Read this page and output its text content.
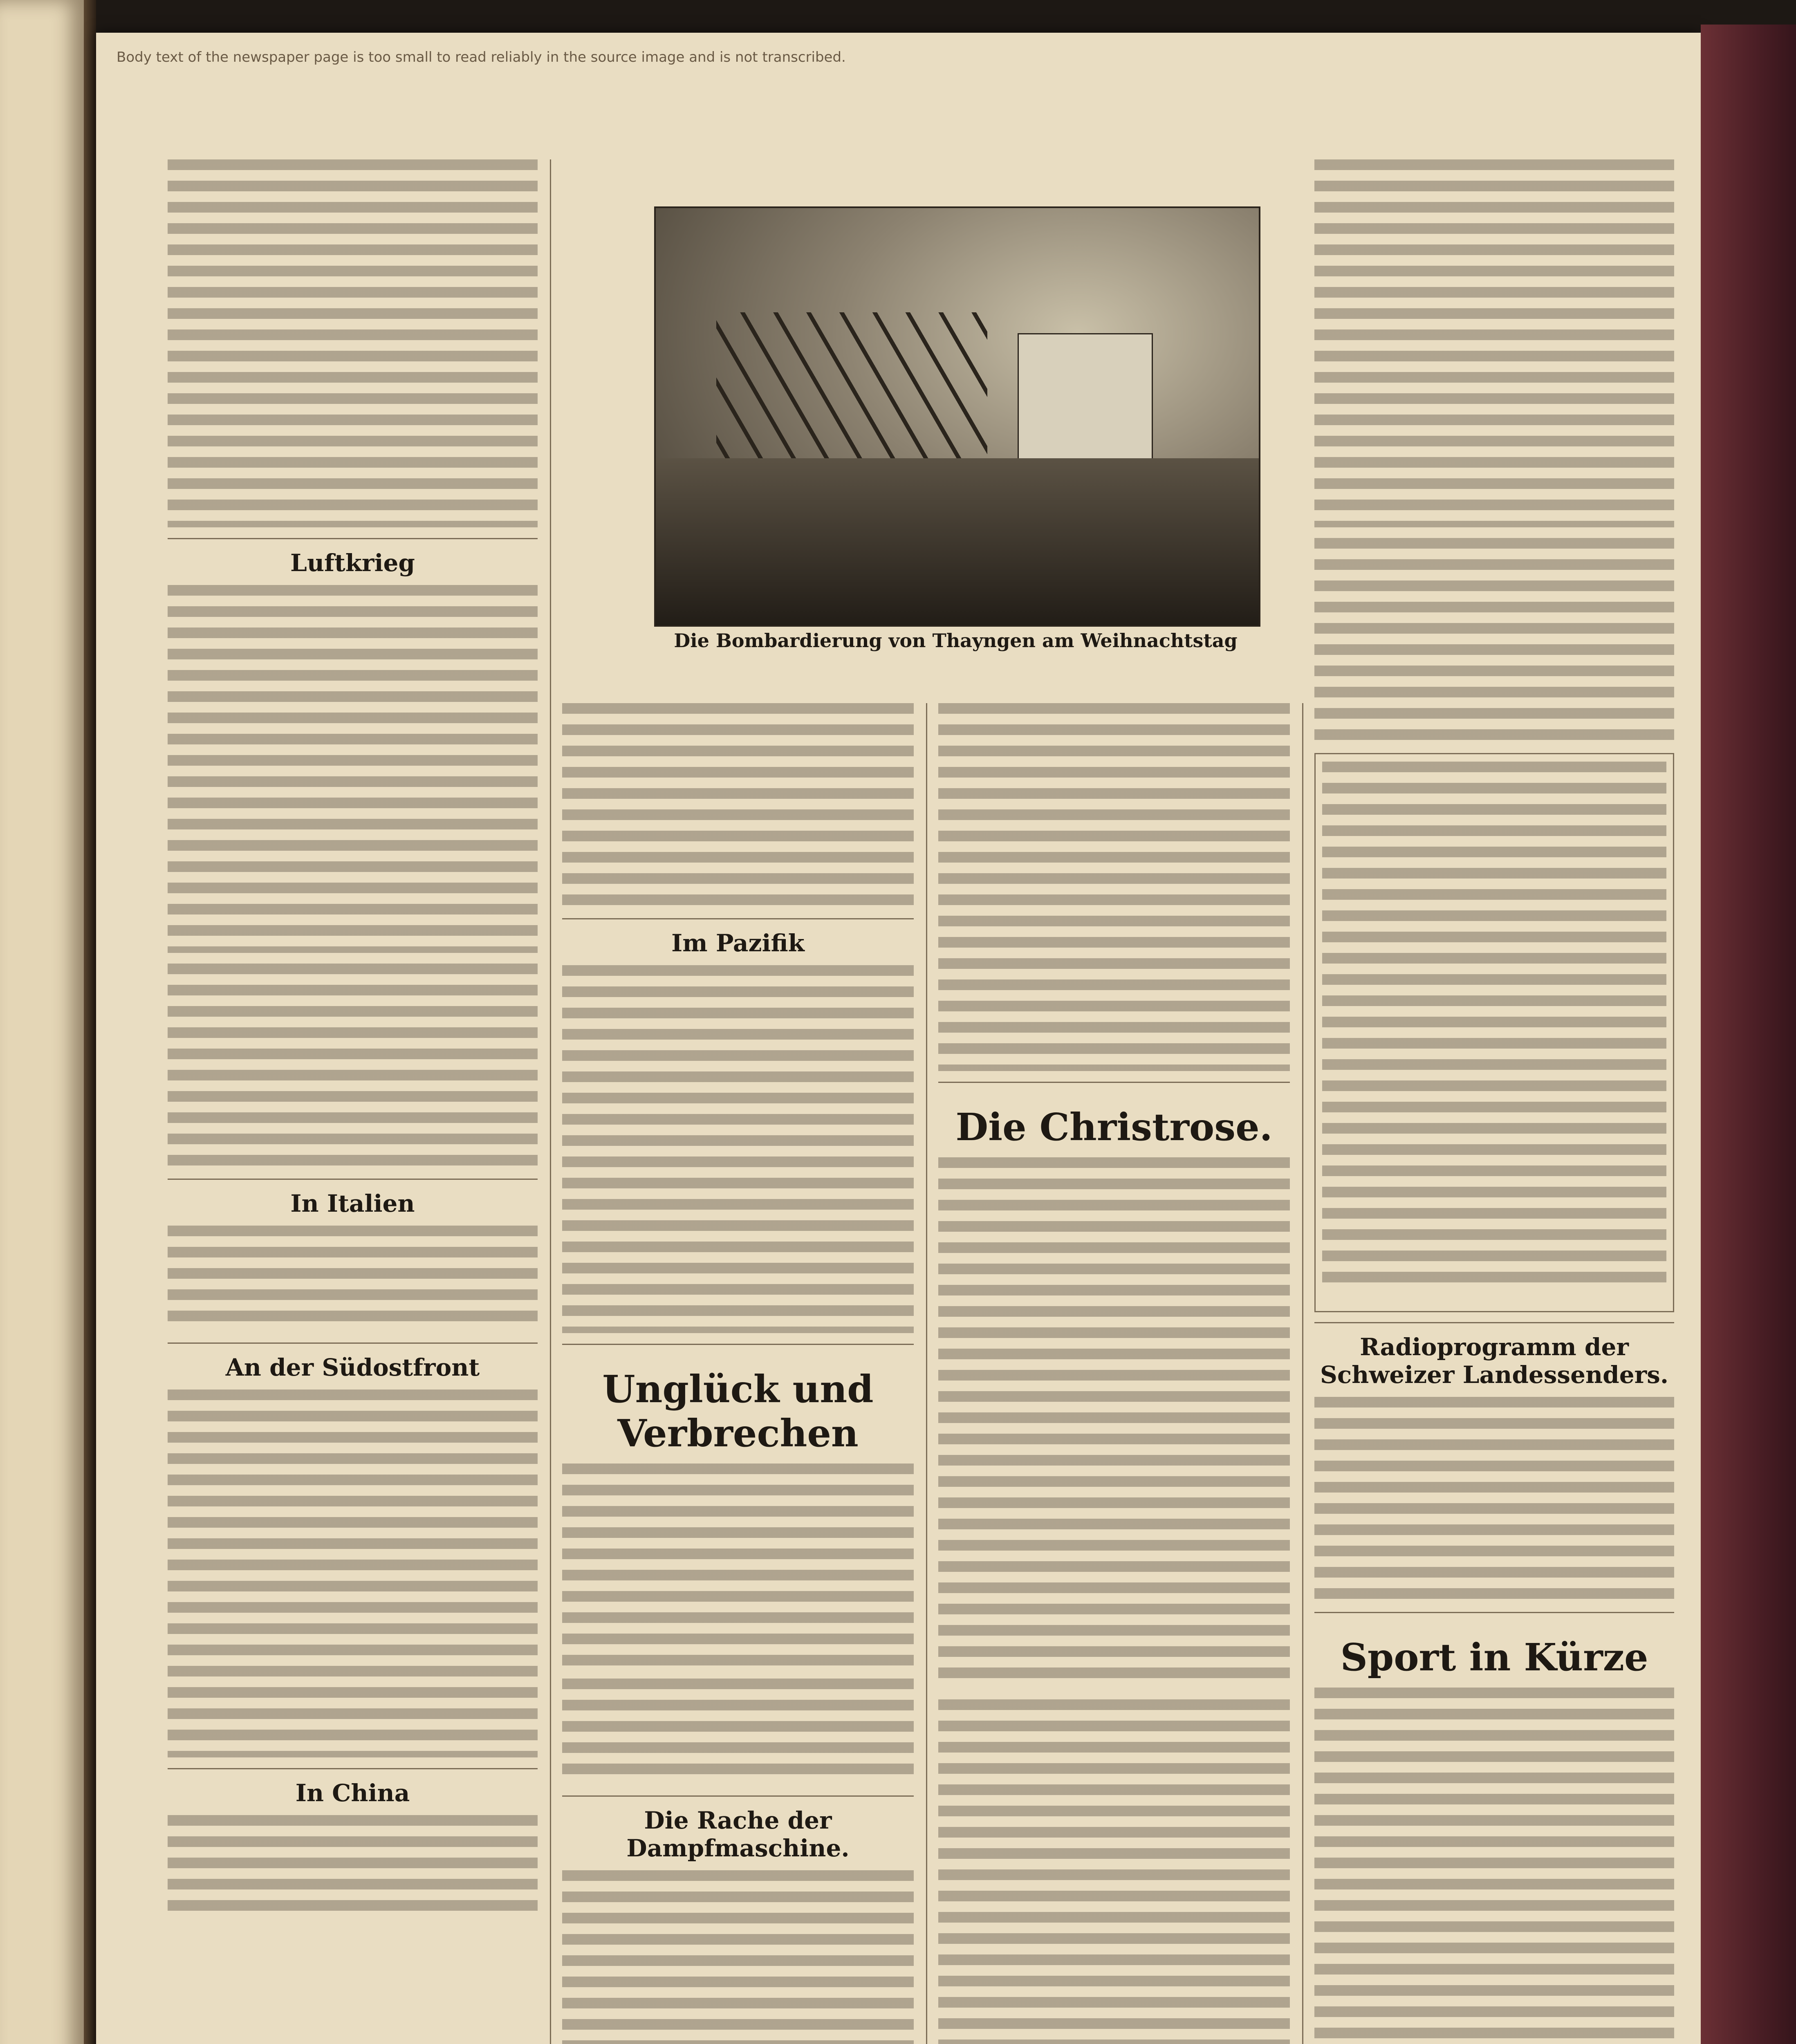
Body text of the newspaper page is too small to read reliably in the source image and is not transcribed.
Luftkrieg
In Italien
An der Südostfront
In China
Die Bombardierung von Thayngen am Weihnachtstag
Im Pazifik
Unglück und Verbrechen
Die Rache der Dampfmaschine.
Die Christrose.
Radioprogramm der Schweizer Landessenders.
Sport in Kürze
